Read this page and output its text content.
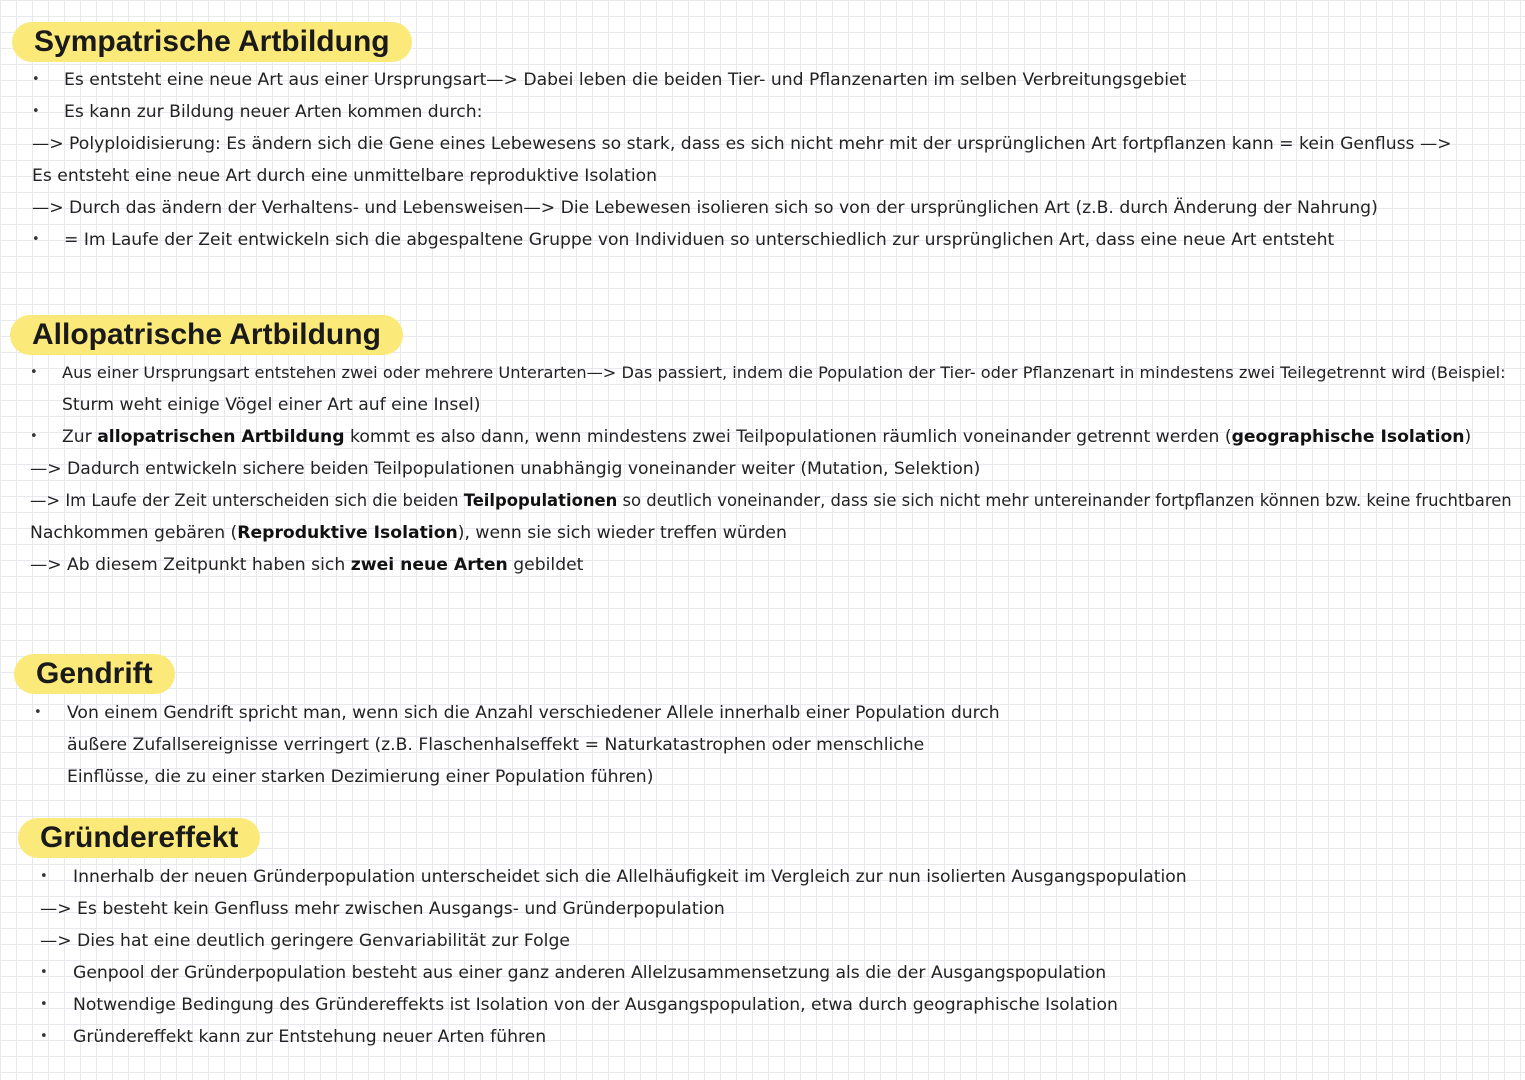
Sympatrische Artbildung
• Es entsteht eine neue Art aus einer Ursprungsart—> Dabei leben die beiden Tier- und Pflanzenarten im selben Verbreitungsgebiet
• Es kann zur Bildung neuer Arten kommen durch:
—> Polyploidisierung: Es ändern sich die Gene eines Lebewesens so stark, dass es sich nicht mehr mit der ursprünglichen Art fortpflanzen kann = kein Genfluss —>
Es entsteht eine neue Art durch eine unmittelbare reproduktive Isolation
—> Durch das ändern der Verhaltens- und Lebensweisen—> Die Lebewesen isolieren sich so von der ursprünglichen Art (z.B. durch Änderung der Nahrung)
• = Im Laufe der Zeit entwickeln sich die abgespaltene Gruppe von Individuen so unterschiedlich zur ursprünglichen Art, dass eine neue Art entsteht
Allopatrische Artbildung
• Aus einer Ursprungsart entstehen zwei oder mehrere Unterarten—> Das passiert, indem die Population der Tier- oder Pflanzenart in mindestens zwei Teilegetrennt wird (Beispiel:
Sturm weht einige Vögel einer Art auf eine Insel)
• Zur allopatrischen Artbildung kommt es also dann, wenn mindestens zwei Teilpopulationen räumlich voneinander getrennt werden (geographische Isolation)
—> Dadurch entwickeln sichere beiden Teilpopulationen unabhängig voneinander weiter (Mutation, Selektion)
—> Im Laufe der Zeit unterscheiden sich die beiden Teilpopulationen so deutlich voneinander, dass sie sich nicht mehr untereinander fortpflanzen können bzw. keine fruchtbaren
Nachkommen gebären (Reproduktive Isolation), wenn sie sich wieder treffen würden
—> Ab diesem Zeitpunkt haben sich zwei neue Arten gebildet
Gendrift
• Von einem Gendrift spricht man, wenn sich die Anzahl verschiedener Allele innerhalb einer Population durch
äußere Zufallsereignisse verringert (z.B. Flaschenhalseffekt = Naturkatastrophen oder menschliche
Einflüsse, die zu einer starken Dezimierung einer Population führen)
Gründereffekt
• Innerhalb der neuen Gründerpopulation unterscheidet sich die Allelhäufigkeit im Vergleich zur nun isolierten Ausgangspopulation
—> Es besteht kein Genfluss mehr zwischen Ausgangs- und Gründerpopulation
—> Dies hat eine deutlich geringere Genvariabilität zur Folge
• Genpool der Gründerpopulation besteht aus einer ganz anderen Allelzusammensetzung als die der Ausgangspopulation
• Notwendige Bedingung des Gründereffekts ist Isolation von der Ausgangspopulation, etwa durch geographische Isolation
• Gründereffekt kann zur Entstehung neuer Arten führen
